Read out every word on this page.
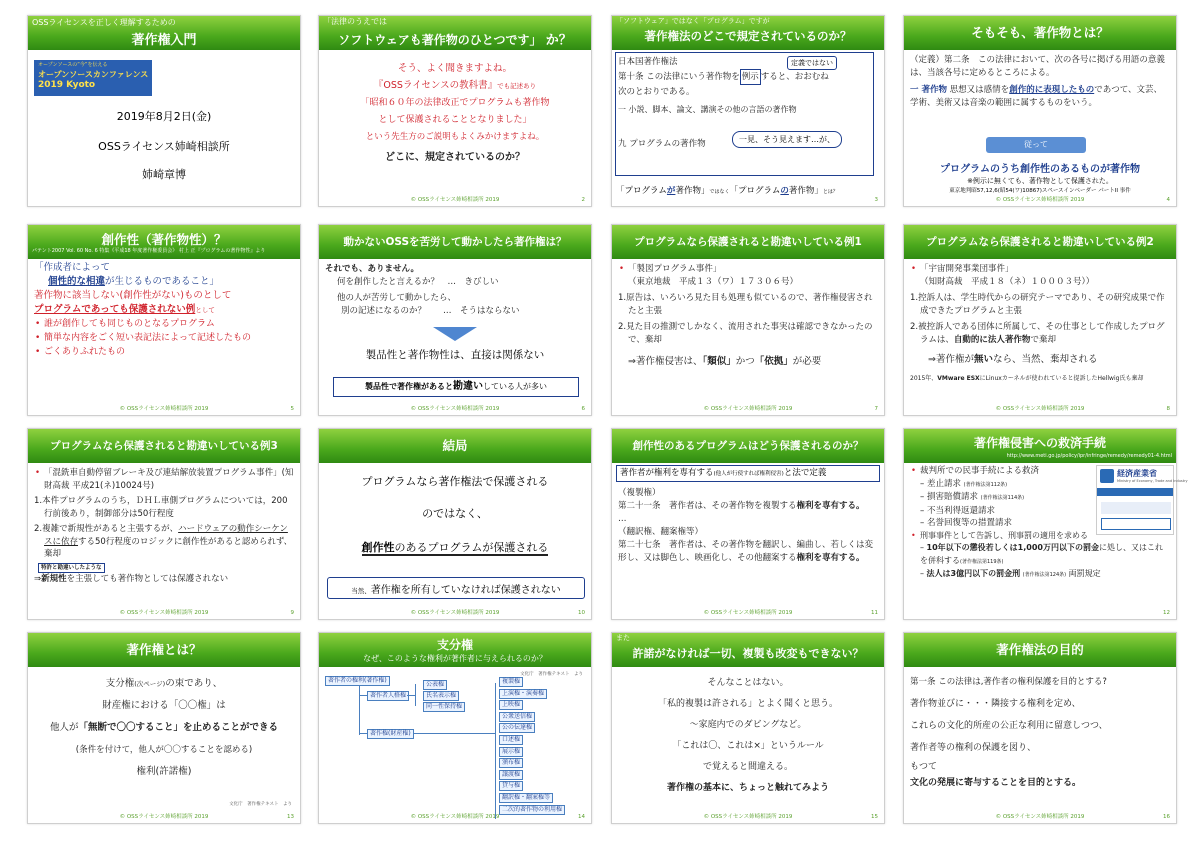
OSSライセンスを正しく理解するための
著作権入門
オープンソースの“今”を伝える
オープンソースカンファレンス
2019 Kyoto
2019年8月2日(金)
OSSライセンス姉崎相談所
姉崎章博
「法律のうえでは
ソフトウェアも著作物のひとつです」 か？
そう、よく聞きますよね。
『OSSライセンスの教科書』でも記述あり
「昭和６０年の法律改正でプログラムも著作物
として保護されることとなりました」
という先生方のご説明もよくみかけますよね。
どこに、規定されているのか？
© OSSライセンス姉崎相談所 2019	2
「ソフトウェア」ではなく「プログラム」ですが
著作権法のどこで規定されているのか？
日本国著作権法
第十条 この法律にいう著作物を 例示 すると、おおむね
次のとおりである。
一 小説、脚本、論文、講演その他の言語の著作物
九 プログラムの著作物
定義ではない
一見、そう見えます…が、
「プログラムが著作物」ではなく「プログラムの著作物」とは？
3
そもそも、著作物とは？
（定義）第二条　この法律において、次の各号に掲げる用語の意義は、当該各号に定めるところによる。
一 著作物 思想又は感情を創作的に表現したものであつて、文芸、学術、美術又は音楽の範囲に属するものをいう。
従って
プログラムのうち創作性のあるものが著作物
※例示に無くても、著作物として保護された。
東京地判昭57,12,6(昭54(ワ)10867)スペースインベーダー パートII 事件
© OSSライセンス姉崎相談所 2019	4
創作性（著作物性）？
パテント2007 Vol. 60 No. 6 特集《平成18 年度著作権委員会》 村上 正『プログラムの著作物性』より
「作成者によって
個性的な相違が生じるものであること」
著作物に該当しない(創作性がない)ものとして
プログラムであっても保護されない例として
• 誰が創作しても同じものとなるプログラム
• 簡単な内容をごく短い表記法によって記述したもの
• ごくありふれたもの
© OSSライセンス姉崎相談所 2019	5
動かないOSSを苦労して動かしたら著作権は？
それでも、ありません。
何を創作したと言えるか？　…　きびしい
他の人が苦労して動かしたら、
別の記述になるのか？　　…　そうはならない
製品性と著作物性は、直接は関係ない
製品性で著作権があると勘違いしている人が多い
© OSSライセンス姉崎相談所 2019	6
プログラムなら保護されると勘違いしている例1
• 「製図プログラム事件」
（東京地裁　平成１３（ワ）１７３０６号）
1.原告は、いろいろ見た目も処理も似ているので、著作権侵害されたと主張
2.見た目の推測でしかなく、流用された事実は確認できなかったので、棄却
⇒著作権侵害は、「類似」かつ「依拠」が必要
© OSSライセンス姉崎相談所 2019	7
プログラムなら保護されると勘違いしている例2
• 「宇宙開発事業団事件」
（知財高裁　平成１８（ネ）１０００３号））
1.控訴人は、学生時代からの研究テーマであり、その研究成果で作成できたプログラムと主張
2.被控訴人である団体に所属して、その仕事として作成したプログラムは、自動的に法人著作物で棄却
⇒著作権が無いなら、当然、棄却される
2015年、VMware ESXにLinuxカーネルが使われていると提訴したHellwig氏も棄却
© OSSライセンス姉崎相談所 2019	8
プログラムなら保護されると勘違いしている例3
• 「混銑車自動停留ブレーキ及び連結解放装置プログラム事件」(知財高裁 平成21(ネ)10024号)
1.本件プログラムのうち，ＤＨＬ車側プログラムについては，200行前後あり，制御部分は50行程度
2.複雑で新規性があると主張するが、ハードウェアの動作シーケンスに依存する50行程度のロジックに創作性があると認められず、棄却
特許と勘違いしたような
⇒新規性を主張しても著作物としては保護されない
© OSSライセンス姉崎相談所 2019	9
結局
プログラムなら著作権法で保護される
のではなく、
創作性のあるプログラムが保護される
当然、著作権を所有していなければ保護されない
© OSSライセンス姉崎相談所 2019	10
創作性のあるプログラムはどう保護されるのか？
著作者が権利を専有する(他人が行使すれば権利侵害)と法で定義
（複製権）
第二十一条　著作者は、その著作物を複製する権利を専有する。
…
（翻訳権、翻案権等）
第二十七条　著作者は、その著作物を翻訳し、編曲し、若しくは変形し、又は脚色し、映画化し、その他翻案する権利を専有する。
© OSSライセンス姉崎相談所 2019	11
著作権侵害への救済手続
http://www.meti.go.jp/policy/ipr/infringe/remedy/remedy01-4.html
経済産業省
Ministry of Economy, Trade and Industry
• 裁判所での民事手続による救済
– 差止請求 (著作権法第112条)
– 損害賠償請求 (著作権法第114条)
– 不当利得返還請求
– 名誉回復等の措置請求
• 刑事事件として告訴し、刑事罰の適用を求める
– 10年以下の懲役若しくは1,000万円以下の罰金に処し、又はこれを併科する(著作権法第119条)
– 法人は3億円以下の罰金刑 (著作権法第124条) 両罰規定
12
著作権とは？
支分権(次ページ)の束であり、
財産権における「〇〇権」は
他人が「無断で〇〇すること」を止めることができる
(条件を付けて，他人が〇〇することを認める)
権利(許諾権)
文化庁　著作権テキスト　より
© OSSライセンス姉崎相談所 2019	13
支分権
なぜ、このような権利が著作者に与えられるのか？
文化庁　著作権テキスト　より
著作者の権利(著作権)
著作者人格権
著作権(財産権)
公表権
氏名表示権
同一性保持権
複製権
上演権・演奏権
上映権
公衆送信権
公の伝達権
口述権
展示権
頒布権
譲渡権
貸与権
翻訳権・翻案権等
二次的著作物の利用権
© OSSライセンス姉崎相談所 2019	14
また
許諾がなければ一切、複製も改変もできない？
そんなことはない。
「私的複製は許される」とよく聞くと思う。
～家庭内でのダビングなど。
「これは〇、これは×」というルール
で覚えると間違える。
著作権の基本に、ちょっと触れてみよう
© OSSライセンス姉崎相談所 2019	15
著作権法の目的
第一条 この法律は,著作者の権利保護を目的とする?
著作物並びに・・・隣接する権利を定め、
これらの文化的所産の公正な利用に留意しつつ、
著作者等の権利の保護を図り、
もつて
文化の発展に寄与することを目的とする。
© OSSライセンス姉崎相談所 2019	16
